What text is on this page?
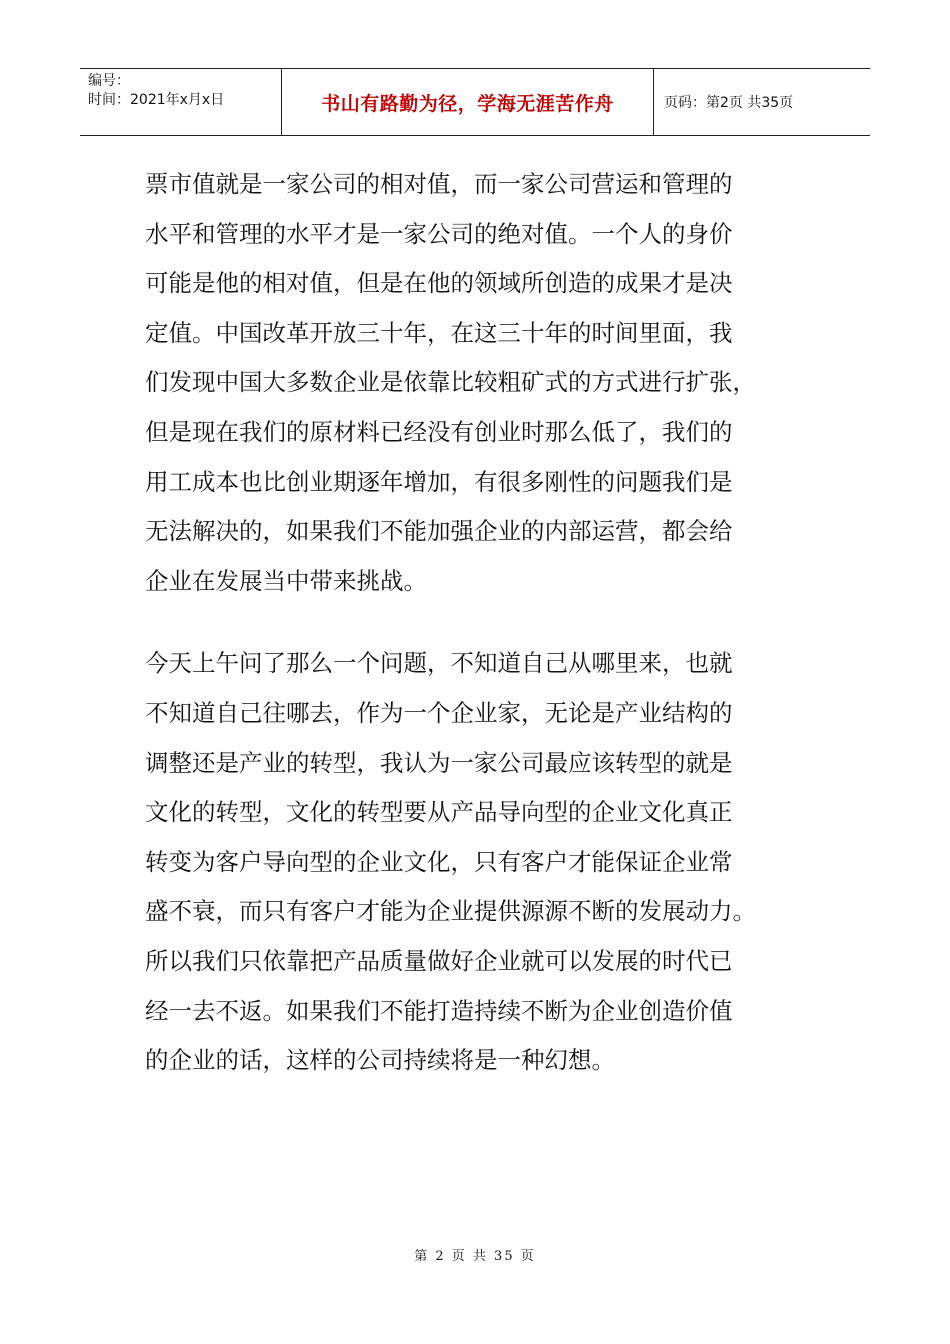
编号：
时间：2021年x月x日	书山有路勤为径，学海无涯苦作舟	页码：第2页 共35页

票市值就是一家公司的相对值，而一家公司营运和管理的
水平和管理的水平才是一家公司的绝对值。一个人的身价
可能是他的相对值，但是在他的领域所创造的成果才是决
定值。中国改革开放三十年，在这三十年的时间里面，我
们发现中国大多数企业是依靠比较粗矿式的方式进行扩张，
但是现在我们的原材料已经没有创业时那么低了，我们的
用工成本也比创业期逐年增加，有很多刚性的问题我们是
无法解决的，如果我们不能加强企业的内部运营，都会给
企业在发展当中带来挑战。

今天上午问了那么一个问题，不知道自己从哪里来，也就
不知道自己往哪去，作为一个企业家，无论是产业结构的
调整还是产业的转型，我认为一家公司最应该转型的就是
文化的转型，文化的转型要从产品导向型的企业文化真正
转变为客户导向型的企业文化，只有客户才能保证企业常
盛不衰，而只有客户才能为企业提供源源不断的发展动力。
所以我们只依靠把产品质量做好企业就可以发展的时代已
经一去不返。如果我们不能打造持续不断为企业创造价值
的企业的话，这样的公司持续将是一种幻想。

第 2 页 共 35 页
